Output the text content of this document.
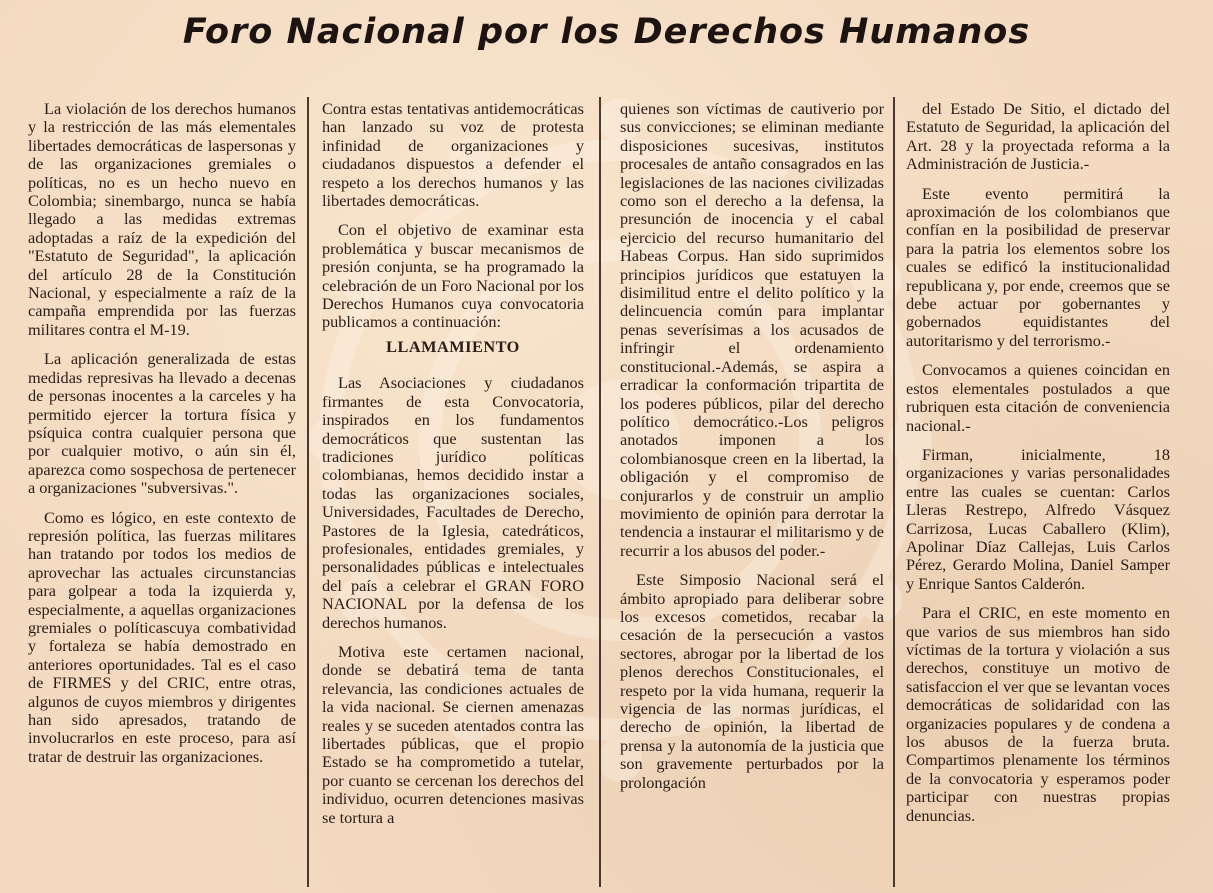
Foro Nacional por los Derechos Humanos

La violación de los derechos humanos y la restricción de las más elementales libertades democráticas de laspersonas y de las organizaciones gremiales o políticas, no es un hecho nuevo en Colombia; sinembargo, nunca se había llegado a las medidas extremas adoptadas a raíz de la expedición del "Estatuto de Seguridad", la aplicación del artículo 28 de la Constitución Nacional, y especialmente a raíz de la campaña emprendida por las fuerzas militares contra el M-19.

La aplicación generalizada de estas medidas represivas ha llevado a decenas de personas inocentes a la carceles y ha permitido ejercer la tortura física y psíquica contra cualquier persona que por cualquier motivo, o aún sin él, aparezca como sospechosa de pertenecer a organizaciones "subversivas.".

Como es lógico, en este contexto de represión política, las fuerzas militares han tratando por todos los medios de aprovechar las actuales circunstancias para golpear a toda la izquierda y, especialmente, a aquellas organizaciones gremiales o políticascuya combatividad y fortaleza se había demostrado en anteriores oportunidades. Tal es el caso de FIRMES y del CRIC, entre otras, algunos de cuyos miembros y dirigentes han sido apresados, tratando de involucrarlos en este proceso, para así tratar de destruir las organizaciones.

Contra estas tentativas antidemocráticas han lanzado su voz de protesta infinidad de organizaciones y ciudadanos dispuestos a defender el respeto a los derechos humanos y las libertades democráticas.

Con el objetivo de examinar esta problemática y buscar mecanismos de presión conjunta, se ha programado la celebración de un Foro Nacional por los Derechos Humanos cuya convocatoria publicamos a continuación:

LLAMAMIENTO

Las Asociaciones y ciudadanos firmantes de esta Convocatoria, inspirados en los fundamentos democráticos que sustentan las tradiciones jurídico políticas colombianas, hemos decidido instar a todas las organizaciones sociales, Universidades, Facultades de Derecho, Pastores de la Iglesia, catedráticos, profesionales, entidades gremiales, y personalidades públicas e intelectuales del país a celebrar el GRAN FORO NACIONAL por la defensa de los derechos humanos.

Motiva este certamen nacional, donde se debatirá tema de tanta relevancia, las condiciones actuales de la vida nacional. Se ciernen amenazas reales y se suceden atentados contra las libertades públicas, que el propio Estado se ha comprometido a tutelar, por cuanto se cercenan los derechos del individuo, ocurren detenciones masivas se tortura a

quienes son víctimas de cautiverio por sus convicciones; se eliminan mediante disposiciones sucesivas, institutos procesales de antaño consagrados en las legislaciones de las naciones civilizadas como son el derecho a la defensa, la presunción de inocencia y el cabal ejercicio del recurso humanitario del Habeas Corpus. Han sido suprimidos principios jurídicos que estatuyen la disimilitud entre el delito político y la delincuencia común para implantar penas severísimas a los acusados de infringir el ordenamiento constitucional.-Además, se aspira a erradicar la conformación tripartita de los poderes públicos, pilar del derecho político democrático.-Los peligros anotados imponen a los colombianosque creen en la libertad, la obligación y el compromiso de conjurarlos y de construir un amplio movimiento de opinión para derrotar la tendencia a instaurar el militarismo y de recurrir a los abusos del poder.-

Este Simposio Nacional será el ámbito apropiado para deliberar sobre los excesos cometidos, recabar la cesación de la persecución a vastos sectores, abrogar por la libertad de los plenos derechos Constitucionales, el respeto por la vida humana, requerir la vigencia de las normas jurídicas, el derecho de opinión, la libertad de prensa y la autonomía de la justicia que son gravemente perturbados por la prolongación

del Estado De Sitio, el dictado del Estatuto de Seguridad, la aplicación del Art. 28 y la proyectada reforma a la Administración de Justicia.-

Este evento permitirá la aproximación de los colombianos que confían en la posibilidad de preservar para la patria los elementos sobre los cuales se edificó la institucionalidad republicana y, por ende, creemos que se debe actuar por gobernantes y gobernados equidistantes del autoritarismo y del terrorismo.-

Convocamos a quienes coincidan en estos elementales postulados a que rubriquen esta citación de conveniencia nacional.-

Firman, inicialmente, 18 organizaciones y varias personalidades entre las cuales se cuentan: Carlos Lleras Restrepo, Alfredo Vásquez Carrizosa, Lucas Caballero (Klim), Apolinar Díaz Callejas, Luis Carlos Pérez, Gerardo Molina, Daniel Samper y Enrique Santos Calderón.

Para el CRIC, en este momento en que varios de sus miembros han sido víctimas de la tortura y violación a sus derechos, constituye un motivo de satisfaccion el ver que se levantan voces democráticas de solidaridad con las organizacies populares y de condena a los abusos de la fuerza bruta. Compartimos plenamente los términos de la convocatoria y esperamos poder participar con nuestras propias denuncias.
